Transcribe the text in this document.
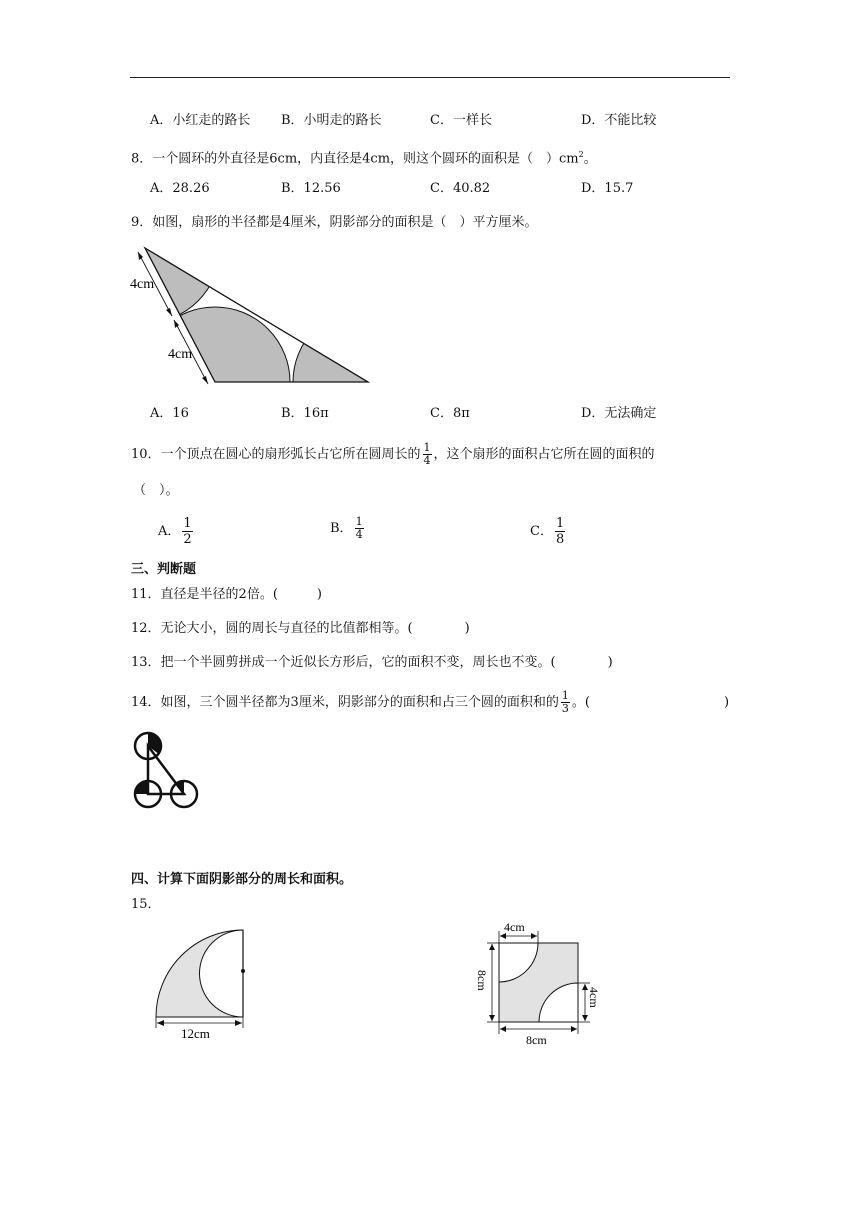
A．小红走的路长 B．小明走的路长	C．一样长	D．不能比较
8．一个圆环的外直径是6cm，内直径是4cm，则这个圆环的面积是（　）$cm^2$。
A．28.26	B．12.56	C．40.82	D．15.7
9．如图，扇形的半径都是4厘米，阴影部分的面积是（　）平方厘米。
4cm
4cm
A．16	B．16π	C．8π	D．无法确定
10．一个顶点在圆心的扇形弧长占它所在圆周长的 $\frac{1}{4}$ ，这个扇形的面积占它所在圆的面积的
（　）。
A． $\frac{1}{2}$	B． $\frac{1}{4}$	C． $\frac{1}{8}$
三、判断题
11．直径是半径的2倍。(　　　)
12．无论大小，圆的周长与直径的比值都相等。(　　　　)
13．把一个半圆剪拼成一个近似长方形后，它的面积不变，周长也不变。(　　　　)
14．如图，三个圆半径都为3厘米，阴影部分的面积和占三个圆的面积和的 $\frac{1}{3}$ 。(	)
四、计算下面阴影部分的周长和面积。
15．
12cm
4cm
8cm
4cm
8cm
